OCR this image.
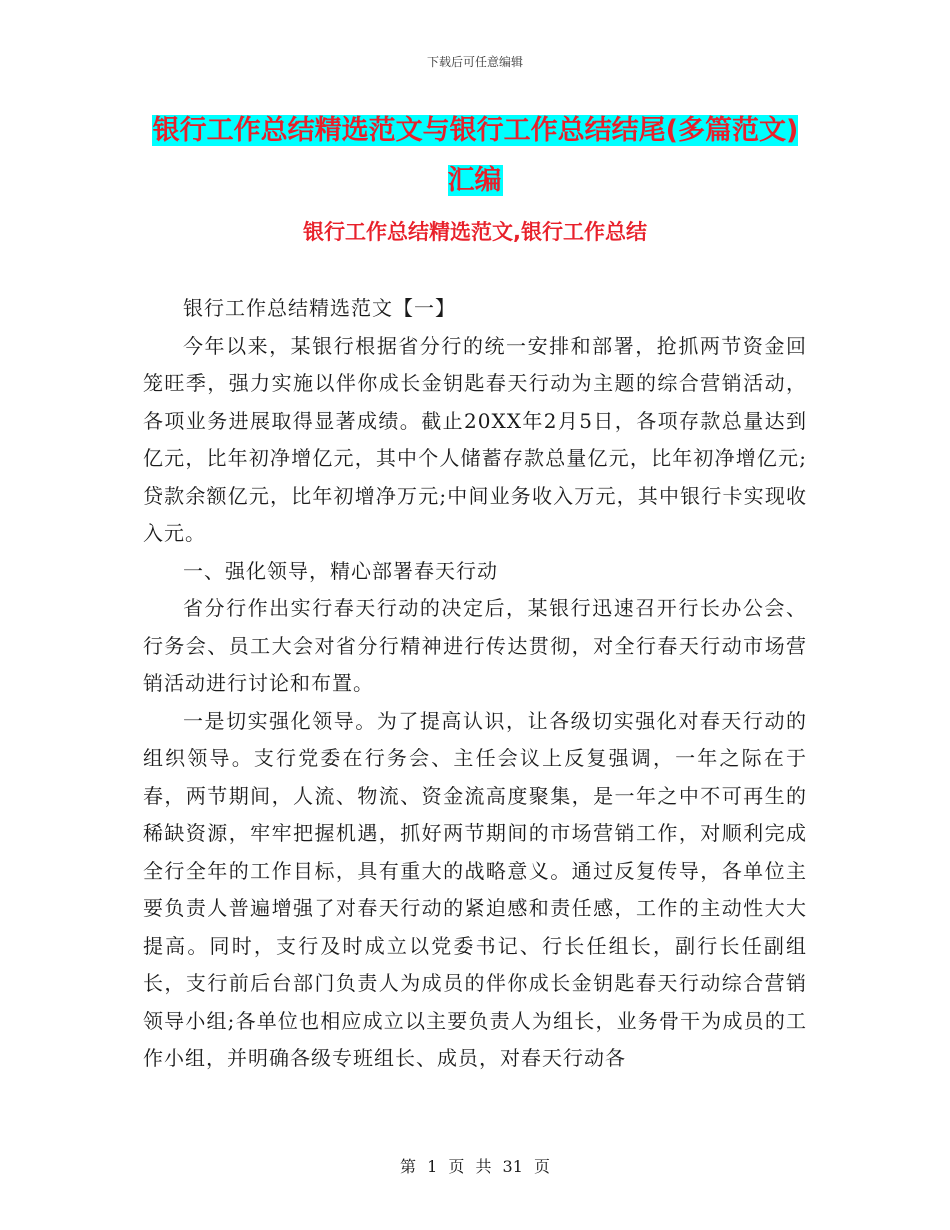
下载后可任意编辑
银行工作总结精选范文与银行工作总结结尾(多篇范文)汇编
银行工作总结精选范文,银行工作总结

银行工作总结精选范文【一】

今年以来，某银行根据省分行的统一安排和部署，抢抓两节资金回笼旺季，强力实施以伴你成长金钥匙春天行动为主题的综合营销活动，各项业务进展取得显著成绩。截止20XX年2月5日，各项存款总量达到亿元，比年初净增亿元，其中个人储蓄存款总量亿元，比年初净增亿元;贷款余额亿元，比年初增净万元;中间业务收入万元，其中银行卡实现收入元。

一、强化领导，精心部署春天行动

省分行作出实行春天行动的决定后，某银行迅速召开行长办公会、行务会、员工大会对省分行精神进行传达贯彻，对全行春天行动市场营销活动进行讨论和布置。

一是切实强化领导。为了提高认识，让各级切实强化对春天行动的组织领导。支行党委在行务会、主任会议上反复强调，一年之际在于春，两节期间，人流、物流、资金流高度聚集，是一年之中不可再生的稀缺资源，牢牢把握机遇，抓好两节期间的市场营销工作，对顺利完成全行全年的工作目标，具有重大的战略意义。通过反复传导，各单位主要负责人普遍增强了对春天行动的紧迫感和责任感，工作的主动性大大提高。同时，支行及时成立以党委书记、行长任组长，副行长任副组长，支行前后台部门负责人为成员的伴你成长金钥匙春天行动综合营销领导小组;各单位也相应成立以主要负责人为组长，业务骨干为成员的工作小组，并明确各级专班组长、成员，对春天行动各

第 1 页 共 31 页
